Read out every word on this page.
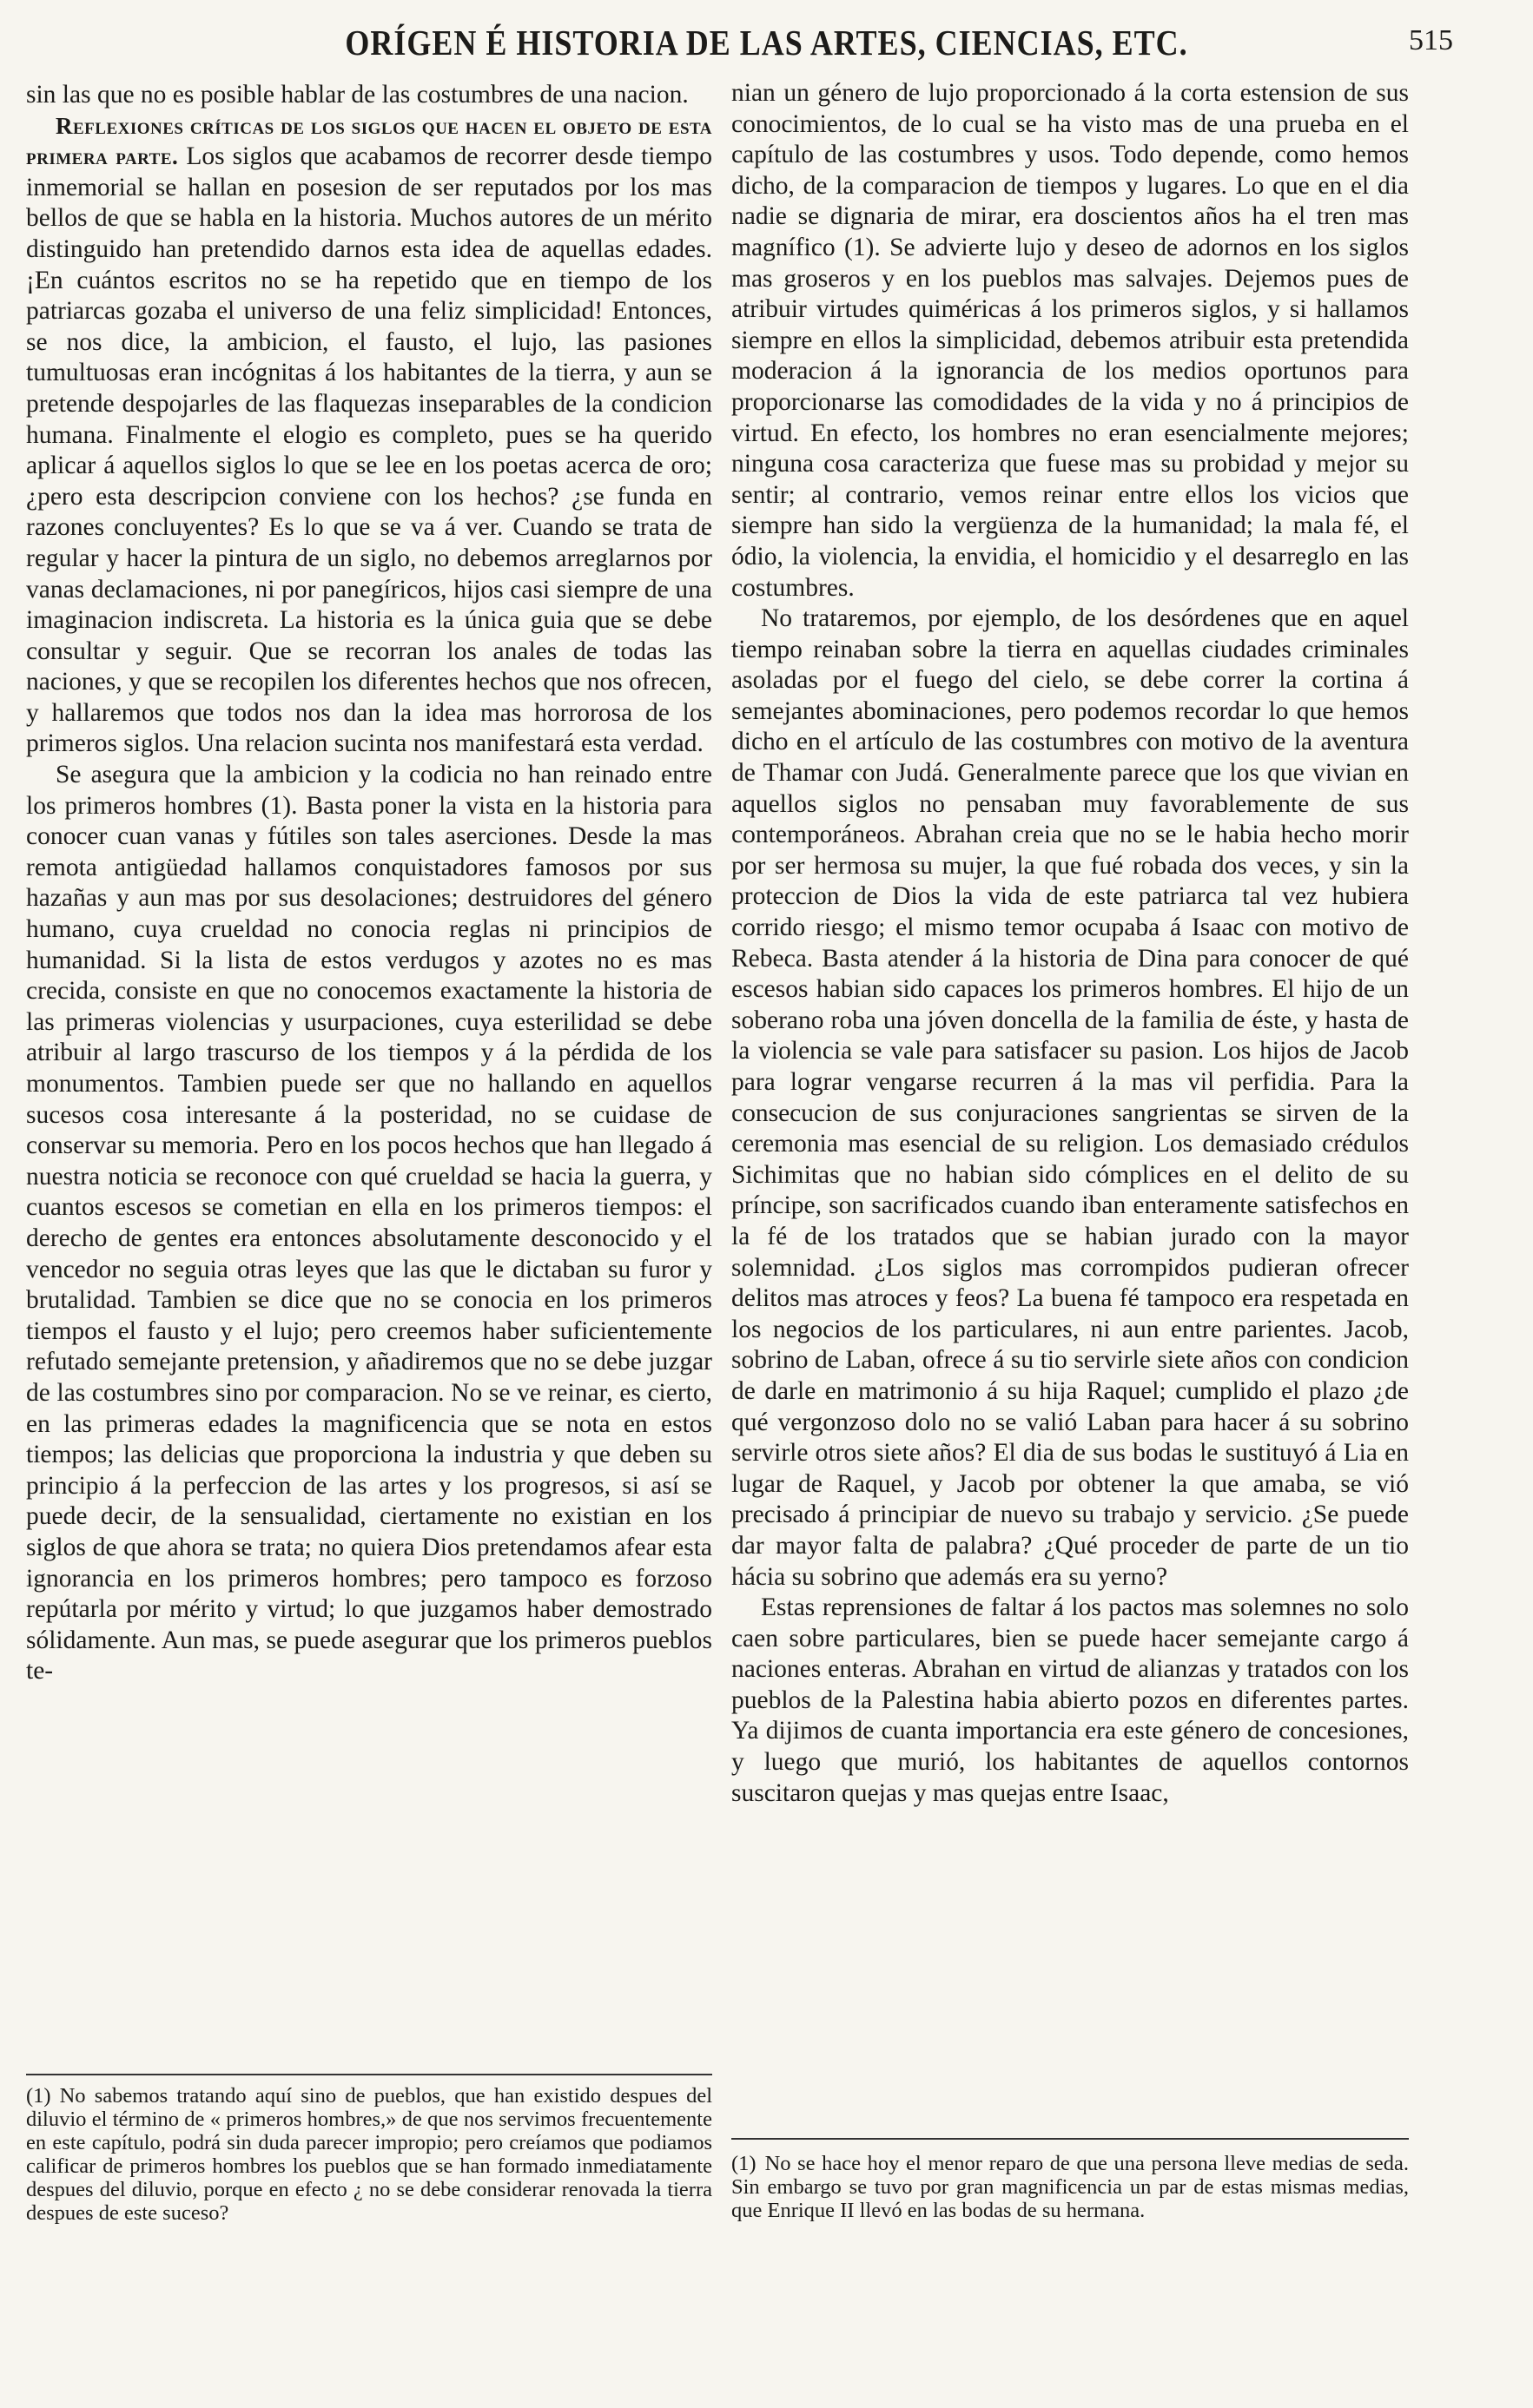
ORÍGEN É HISTORIA DE LAS ARTES, CIENCIAS, ETC.	515

sin las que no es posible hablar de las costumbres de una nacion.

Reflexiones críticas de los siglos que hacen el objeto de esta primera parte. Los siglos que acabamos de recorrer desde tiempo inmemorial se hallan en posesion de ser reputados por los mas bellos de que se habla en la historia. Muchos autores de un mérito distinguido han pretendido darnos esta idea de aquellas edades. ¡En cuántos escritos no se ha repetido que en tiempo de los patriarcas gozaba el universo de una feliz simplicidad! Entonces, se nos dice, la ambicion, el fausto, el lujo, las pasiones tumultuosas eran incógnitas á los habitantes de la tierra, y aun se pretende despojarles de las flaquezas inseparables de la condicion humana. Finalmente el elogio es completo, pues se ha querido aplicar á aquellos siglos lo que se lee en los poetas acerca de oro; ¿pero esta descripcion conviene con los hechos? ¿se funda en razones concluyentes? Es lo que se va á ver. Cuando se trata de regular y hacer la pintura de un siglo, no debemos arreglarnos por vanas declamaciones, ni por panegíricos, hijos casi siempre de una imaginacion indiscreta. La historia es la única guia que se debe consultar y seguir. Que se recorran los anales de todas las naciones, y que se recopilen los diferentes hechos que nos ofrecen, y hallaremos que todos nos dan la idea mas horrorosa de los primeros siglos. Una relacion sucinta nos manifestará esta verdad.

Se asegura que la ambicion y la codicia no han reinado entre los primeros hombres (1). Basta poner la vista en la historia para conocer cuan vanas y fútiles son tales aserciones. Desde la mas remota antigüedad hallamos conquistadores famosos por sus hazañas y aun mas por sus desolaciones; destruidores del género humano, cuya crueldad no conocia reglas ni principios de humanidad. Si la lista de estos verdugos y azotes no es mas crecida, consiste en que no conocemos exactamente la historia de las primeras violencias y usurpaciones, cuya esterilidad se debe atribuir al largo trascurso de los tiempos y á la pérdida de los monumentos. Tambien puede ser que no hallando en aquellos sucesos cosa interesante á la posteridad, no se cuidase de conservar su memoria. Pero en los pocos hechos que han llegado á nuestra noticia se reconoce con qué crueldad se hacia la guerra, y cuantos escesos se cometian en ella en los primeros tiempos: el derecho de gentes era entonces absolutamente desconocido y el vencedor no seguia otras leyes que las que le dictaban su furor y brutalidad. Tambien se dice que no se conocia en los primeros tiempos el fausto y el lujo; pero creemos haber suficientemente refutado semejante pretension, y añadiremos que no se debe juzgar de las costumbres sino por comparacion. No se ve reinar, es cierto, en las primeras edades la magnificencia que se nota en estos tiempos; las delicias que proporciona la industria y que deben su principio á la perfeccion de las artes y los progresos, si así se puede decir, de la sensualidad, ciertamente no existian en los siglos de que ahora se trata; no quiera Dios pretendamos afear esta ignorancia en los primeros hombres; pero tampoco es forzoso repútarla por mérito y virtud; lo que juzgamos haber demostrado sólidamente. Aun mas, se puede asegurar que los primeros pueblos te-

nian un género de lujo proporcionado á la corta estension de sus conocimientos, de lo cual se ha visto mas de una prueba en el capítulo de las costumbres y usos. Todo depende, como hemos dicho, de la comparacion de tiempos y lugares. Lo que en el dia nadie se dignaria de mirar, era doscientos años ha el tren mas magnífico (1). Se advierte lujo y deseo de adornos en los siglos mas groseros y en los pueblos mas salvajes. Dejemos pues de atribuir virtudes quiméricas á los primeros siglos, y si hallamos siempre en ellos la simplicidad, debemos atribuir esta pretendida moderacion á la ignorancia de los medios oportunos para proporcionarse las comodidades de la vida y no á principios de virtud. En efecto, los hombres no eran esencialmente mejores; ninguna cosa caracteriza que fuese mas su probidad y mejor su sentir; al contrario, vemos reinar entre ellos los vicios que siempre han sido la vergüenza de la humanidad; la mala fé, el ódio, la violencia, la envidia, el homicidio y el desarreglo en las costumbres.

No trataremos, por ejemplo, de los desórdenes que en aquel tiempo reinaban sobre la tierra en aquellas ciudades criminales asoladas por el fuego del cielo, se debe correr la cortina á semejantes abominaciones, pero podemos recordar lo que hemos dicho en el artículo de las costumbres con motivo de la aventura de Thamar con Judá. Generalmente parece que los que vivian en aquellos siglos no pensaban muy favorablemente de sus contemporáneos. Abrahan creia que no se le habia hecho morir por ser hermosa su mujer, la que fué robada dos veces, y sin la proteccion de Dios la vida de este patriarca tal vez hubiera corrido riesgo; el mismo temor ocupaba á Isaac con motivo de Rebeca. Basta atender á la historia de Dina para conocer de qué escesos habian sido capaces los primeros hombres. El hijo de un soberano roba una jóven doncella de la familia de éste, y hasta de la violencia se vale para satisfacer su pasion. Los hijos de Jacob para lograr vengarse recurren á la mas vil perfidia. Para la consecucion de sus conjuraciones sangrientas se sirven de la ceremonia mas esencial de su religion. Los demasiado crédulos Sichimitas que no habian sido cómplices en el delito de su príncipe, son sacrificados cuando iban enteramente satisfechos en la fé de los tratados que se habian jurado con la mayor solemnidad. ¿Los siglos mas corrompidos pudieran ofrecer delitos mas atroces y feos? La buena fé tampoco era respetada en los negocios de los particulares, ni aun entre parientes. Jacob, sobrino de Laban, ofrece á su tio servirle siete años con condicion de darle en matrimonio á su hija Raquel; cumplido el plazo ¿de qué vergonzoso dolo no se valió Laban para hacer á su sobrino servirle otros siete años? El dia de sus bodas le sustituyó á Lia en lugar de Raquel, y Jacob por obtener la que amaba, se vió precisado á principiar de nuevo su trabajo y servicio. ¿Se puede dar mayor falta de palabra? ¿Qué proceder de parte de un tio hácia su sobrino que además era su yerno?

Estas reprensiones de faltar á los pactos mas solemnes no solo caen sobre particulares, bien se puede hacer semejante cargo á naciones enteras. Abrahan en virtud de alianzas y tratados con los pueblos de la Palestina habia abierto pozos en diferentes partes. Ya dijimos de cuanta importancia era este género de concesiones, y luego que murió, los habitantes de aquellos contornos suscitaron quejas y mas quejas entre Isaac,

(1) No sabemos tratando aquí sino de pueblos, que han existido despues del diluvio el término de « primeros hombres,» de que nos servimos frecuentemente en este capítulo, podrá sin duda parecer impropio; pero creíamos que podiamos calificar de primeros hombres los pueblos que se han formado inmediatamente despues del diluvio, porque en efecto ¿ no se debe considerar renovada la tierra despues de este suceso?
(1) No se hace hoy el menor reparo de que una persona lleve medias de seda. Sin embargo se tuvo por gran magnificencia un par de estas mismas medias, que Enrique II llevó en las bodas de su hermana.
